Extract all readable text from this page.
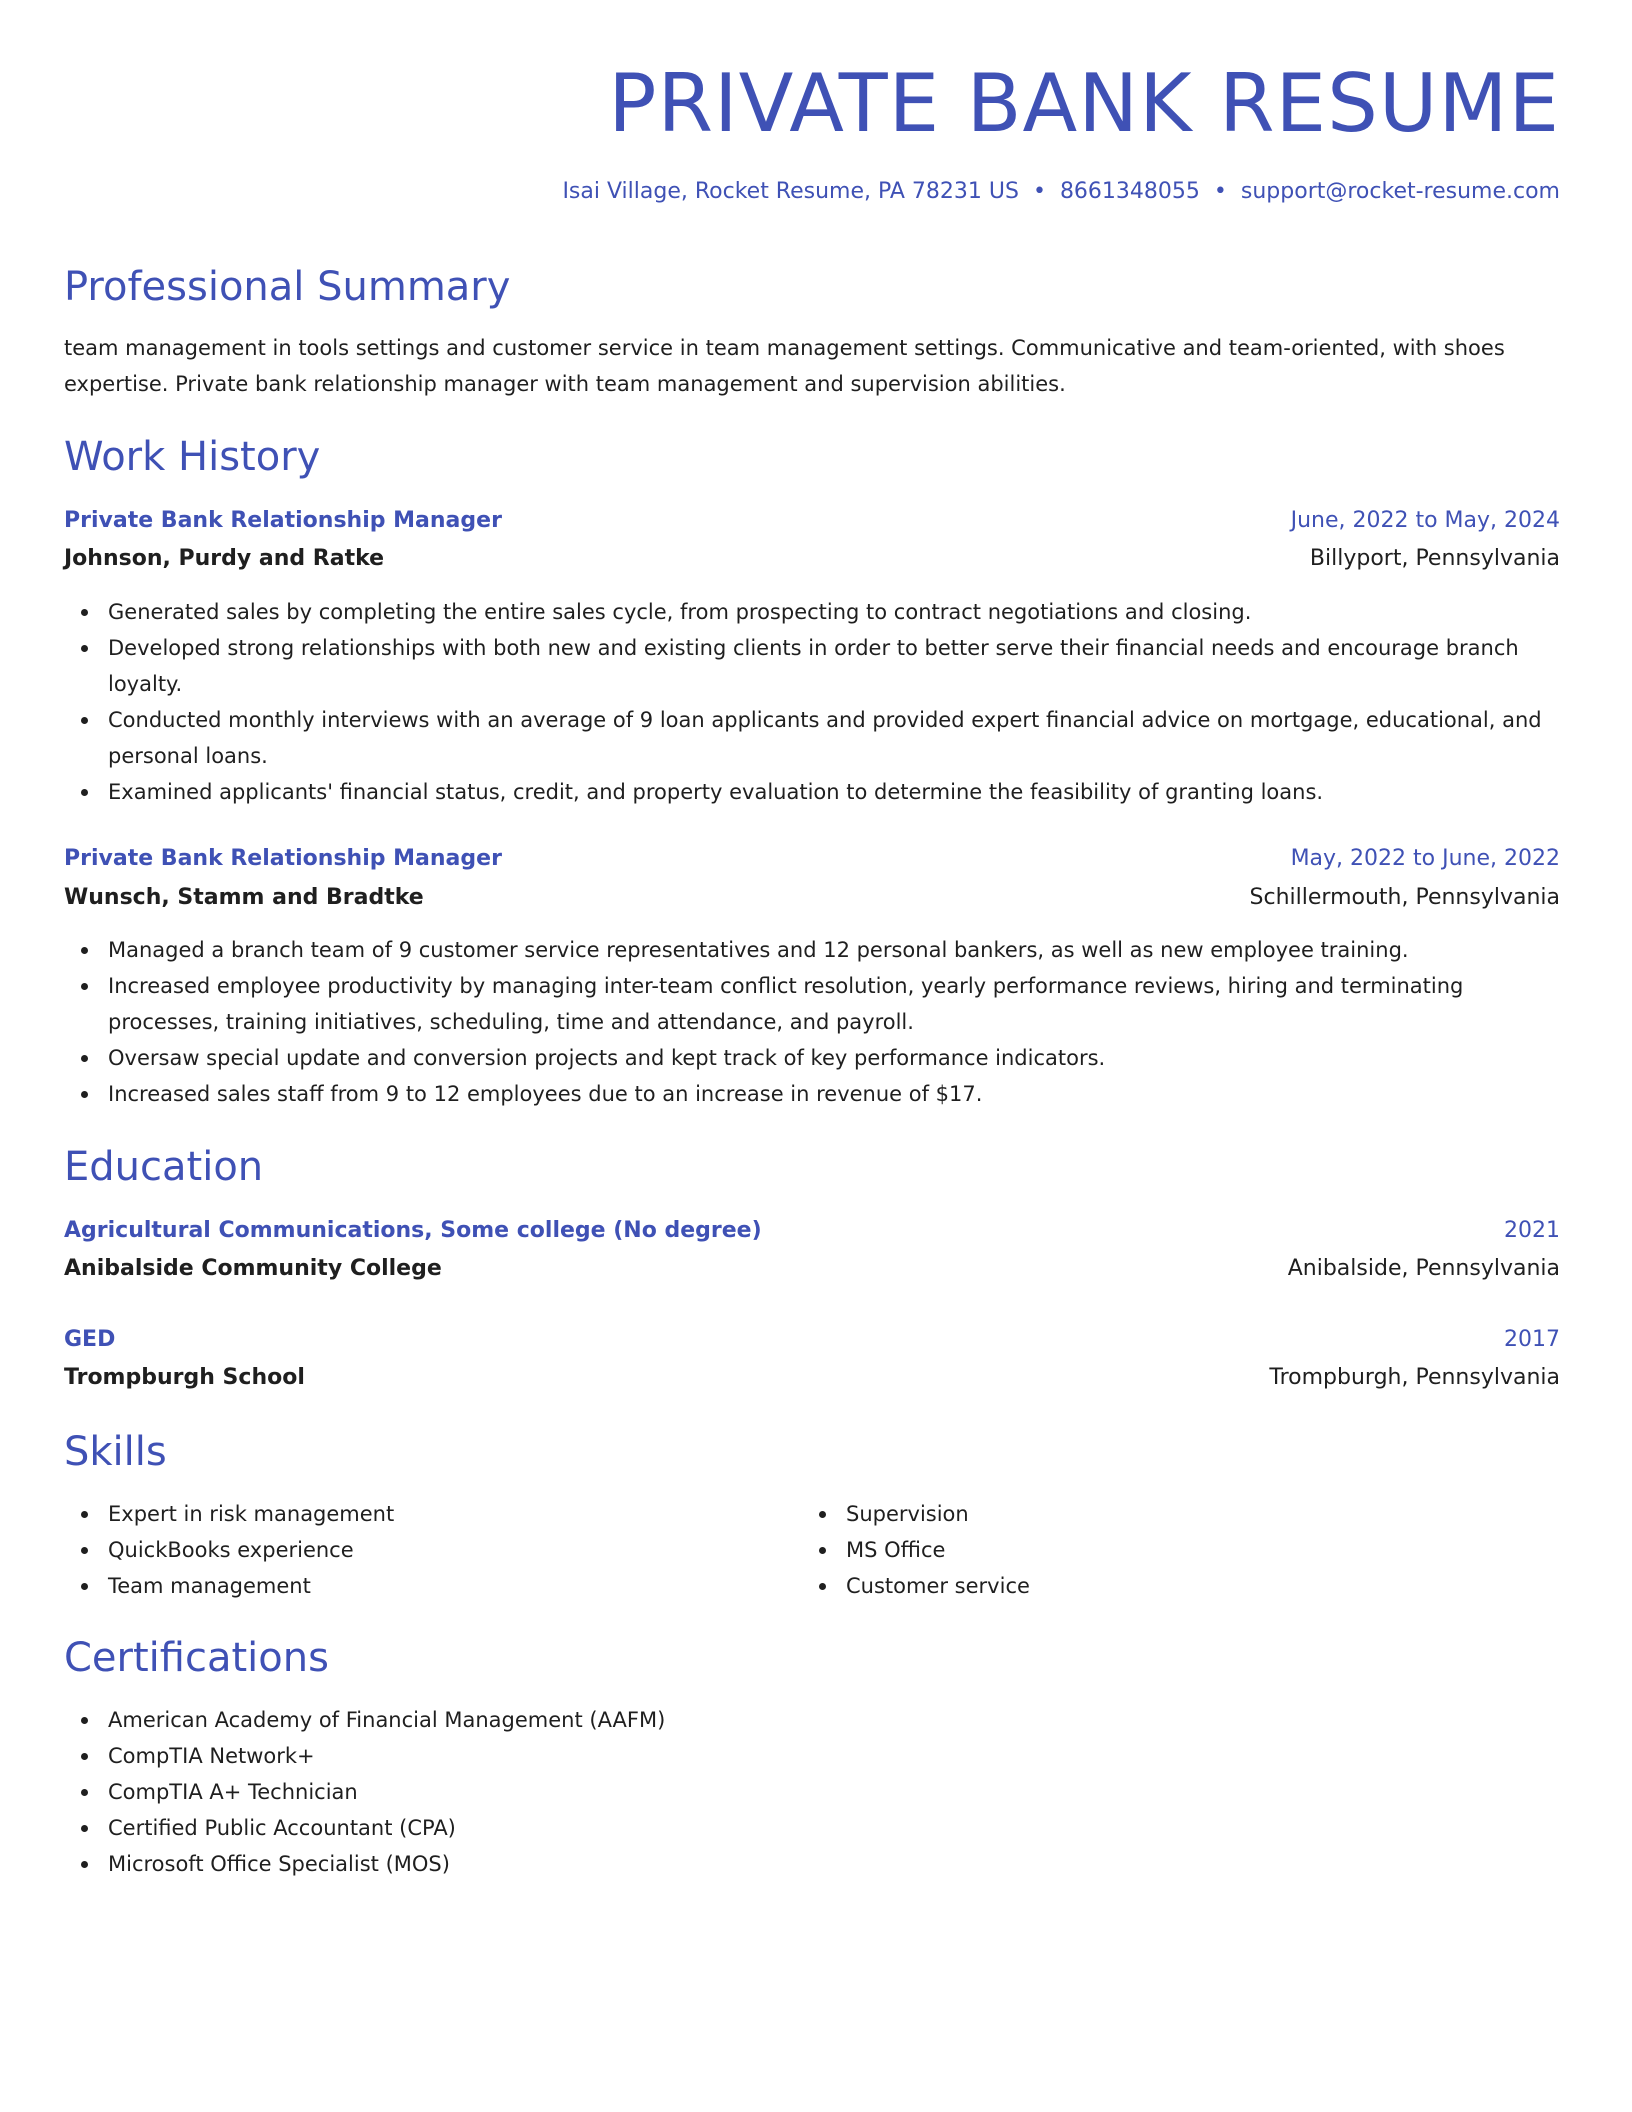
PRIVATE BANK RESUME
Isai Village, Rocket Resume, PA 78231 US • 8661348055 • support@rocket-resume.com
Professional Summary
team management in tools settings and customer service in team management settings. Communicative and team-oriented, with shoes expertise. Private bank relationship manager with team management and supervision abilities.
Work History
Private Bank Relationship Manager	June, 2022 to May, 2024
Johnson, Purdy and Ratke	Billyport, Pennsylvania
Generated sales by completing the entire sales cycle, from prospecting to contract negotiations and closing.
Developed strong relationships with both new and existing clients in order to better serve their financial needs and encourage branch loyalty.
Conducted monthly interviews with an average of 9 loan applicants and provided expert financial advice on mortgage, educational, and personal loans.
Examined applicants' financial status, credit, and property evaluation to determine the feasibility of granting loans.
Private Bank Relationship Manager	May, 2022 to June, 2022
Wunsch, Stamm and Bradtke	Schillermouth, Pennsylvania
Managed a branch team of 9 customer service representatives and 12 personal bankers, as well as new employee training.
Increased employee productivity by managing inter-team conflict resolution, yearly performance reviews, hiring and terminating processes, training initiatives, scheduling, time and attendance, and payroll.
Oversaw special update and conversion projects and kept track of key performance indicators.
Increased sales staff from 9 to 12 employees due to an increase in revenue of $17.
Education
Agricultural Communications, Some college (No degree)	2021
Anibalside Community College	Anibalside, Pennsylvania
GED	2017
Trompburgh School	Trompburgh, Pennsylvania
Skills
Expert in risk management
QuickBooks experience
Team management
Supervision
MS Office
Customer service
Certifications
American Academy of Financial Management (AAFM)
CompTIA Network+
CompTIA A+ Technician
Certified Public Accountant (CPA)
Microsoft Office Specialist (MOS)
